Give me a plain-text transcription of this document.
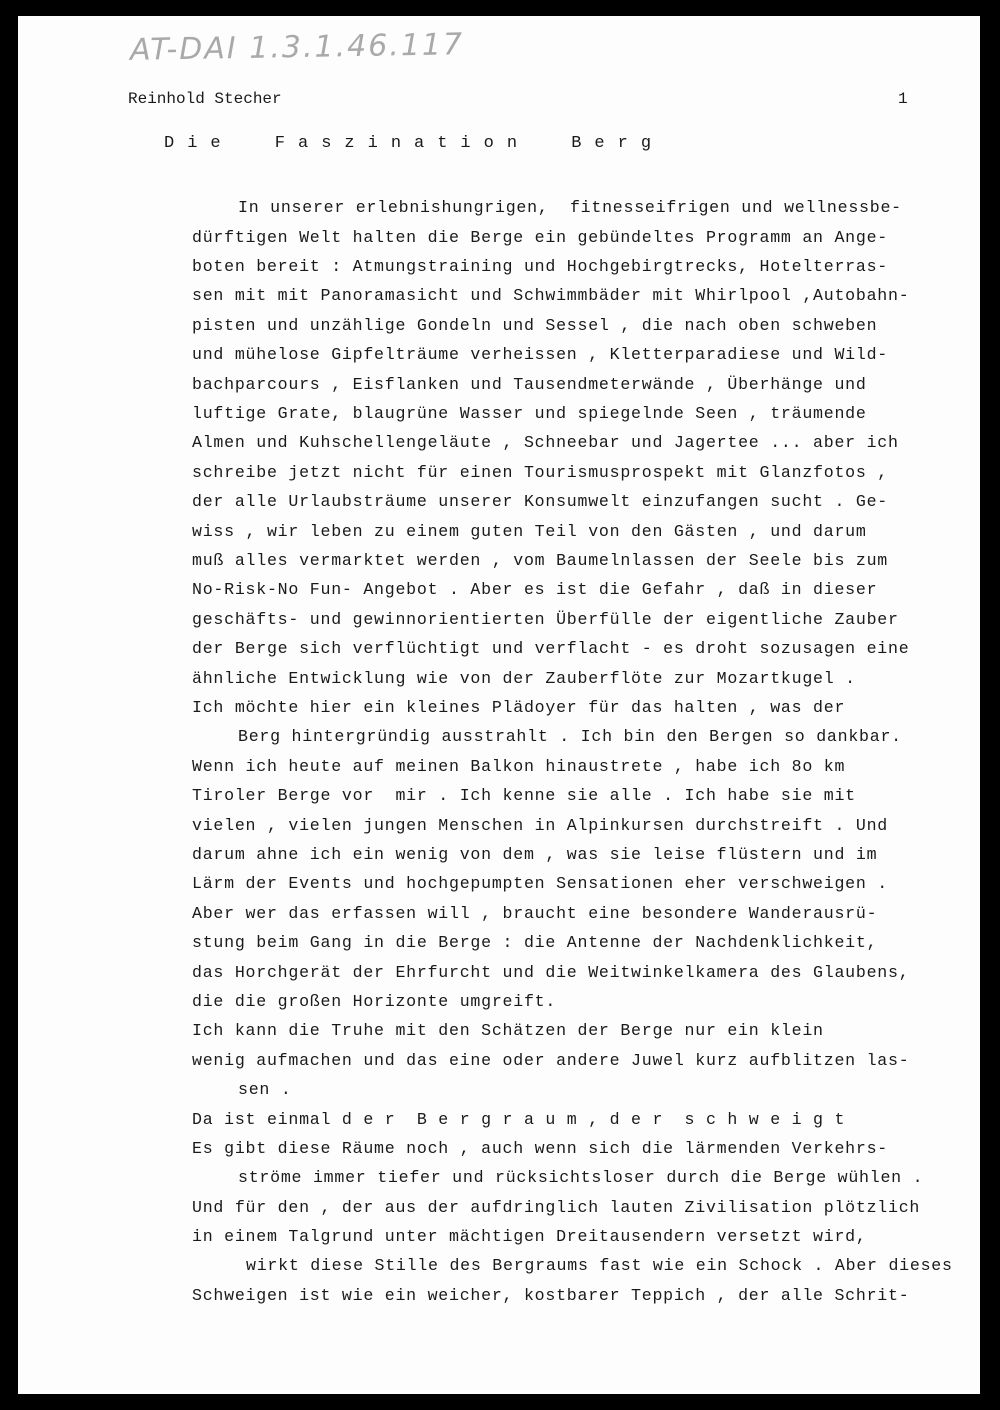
AT-DAI 1.3.1.46.117
Reinhold Stecher	1
Die Faszination Berg
In unserer erlebnishungrigen,  fitnesseifrigen und wellnessbe-
dürftigen Welt halten die Berge ein gebündeltes Programm an Ange-
boten bereit : Atmungstraining und Hochgebirgtrecks, Hotelterras-
sen mit mit Panoramasicht und Schwimmbäder mit Whirlpool ,Autobahn-
pisten und unzählige Gondeln und Sessel , die nach oben schweben
und mühelose Gipfelträume verheissen , Kletterparadiese und Wild-
bachparcours , Eisflanken und Tausendmeterwände , Überhänge und
luftige Grate, blaugrüne Wasser und spiegelnde Seen , träumende
Almen und Kuhschellengeläute , Schneebar und Jagertee ... aber ich
schreibe jetzt nicht für einen Tourismusprospekt mit Glanzfotos ,
der alle Urlaubsträume unserer Konsumwelt einzufangen sucht . Ge-
wiss , wir leben zu einem guten Teil von den Gästen , und darum
muß alles vermarktet werden , vom Baumelnlassen der Seele bis zum
No-Risk-No Fun- Angebot . Aber es ist die Gefahr , daß in dieser
geschäfts- und gewinnorientierten Überfülle der eigentliche Zauber
der Berge sich verflüchtigt und verflacht - es droht sozusagen eine
ähnliche Entwicklung wie von der Zauberflöte zur Mozartkugel .
Ich möchte hier ein kleines Plädoyer für das halten , was der
Berg hintergründig ausstrahlt . Ich bin den Bergen so dankbar.
Wenn ich heute auf meinen Balkon hinaustrete , habe ich 8o km
Tiroler Berge vor  mir . Ich kenne sie alle . Ich habe sie mit
vielen , vielen jungen Menschen in Alpinkursen durchstreift . Und
darum ahne ich ein wenig von dem , was sie leise flüstern und im
Lärm der Events und hochgepumpten Sensationen eher verschweigen .
Aber wer das erfassen will , braucht eine besondere Wanderausrü-
stung beim Gang in die Berge : die Antenne der Nachdenklichkeit,
das Horchgerät der Ehrfurcht und die Weitwinkelkamera des Glaubens,
die die großen Horizonte umgreift.
Ich kann die Truhe mit den Schätzen der Berge nur ein klein
wenig aufmachen und das eine oder andere Juwel kurz aufblitzen las-
sen .
Da ist einmal d e r  B e r g r a u m , d e r  s c h w e i g t
Es gibt diese Räume noch , auch wenn sich die lärmenden Verkehrs-
ströme immer tiefer und rücksichtsloser durch die Berge wühlen .
Und für den , der aus der aufdringlich lauten Zivilisation plötzlich
in einem Talgrund unter mächtigen Dreitausendern versetzt wird,
wirkt diese Stille des Bergraums fast wie ein Schock . Aber dieses
Schweigen ist wie ein weicher, kostbarer Teppich , der alle Schrit-
